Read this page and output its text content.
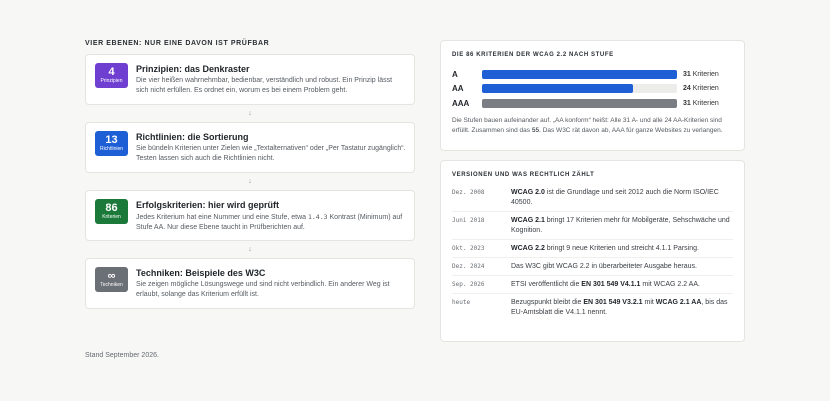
VIER EBENEN: NUR EINE DAVON IST PRÜFBAR
4
Prinzipien
Prinzipien: das Denkraster
Die vier heißen wahrnehmbar, bedienbar, verständlich und robust. Ein Prinzip lässt sich nicht erfüllen. Es ordnet ein, worum es bei einem Problem geht.
↓
13
Richtlinien
Richtlinien: die Sortierung
Sie bündeln Kriterien unter Zielen wie „Textalternativen“ oder „Per Tastatur zugänglich“. Testen lassen sich auch die Richtlinien nicht.
↓
86
Kriterien
Erfolgskriterien: hier wird geprüft
Jedes Kriterium hat eine Nummer und eine Stufe, etwa 1.4.3 Kontrast (Minimum) auf Stufe AA. Nur diese Ebene taucht in Prüfberichten auf.
↓
∞
Techniken
Techniken: Beispiele des W3C
Sie zeigen mögliche Lösungswege und sind nicht verbindlich. Ein anderer Weg ist erlaubt, solange das Kriterium erfüllt ist.
Stand September 2026.
DIE 86 KRITERIEN DER WCAG 2.2 NACH STUFE
A	31 Kriterien
AA	24 Kriterien
AAA	31 Kriterien
Die Stufen bauen aufeinander auf. „AA konform“ heißt: Alle 31 A- und alle 24 AA-Kriterien sind erfüllt. Zusammen sind das 55. Das W3C rät davon ab, AAA für ganze Websites zu verlangen.
VERSIONEN UND WAS RECHTLICH ZÄHLT
Dez. 2008	WCAG 2.0 ist die Grundlage und seit 2012 auch die Norm ISO/IEC 40500.
Juni 2018	WCAG 2.1 bringt 17 Kriterien mehr für Mobilgeräte, Sehschwäche und Kognition.
Okt. 2023	WCAG 2.2 bringt 9 neue Kriterien und streicht 4.1.1 Parsing.
Dez. 2024	Das W3C gibt WCAG 2.2 in überarbeiteter Ausgabe heraus.
Sep. 2026	ETSI veröffentlicht die EN 301 549 V4.1.1 mit WCAG 2.2 AA.
heute	Bezugspunkt bleibt die EN 301 549 V3.2.1 mit WCAG 2.1 AA, bis das EU-Amtsblatt die V4.1.1 nennt.
